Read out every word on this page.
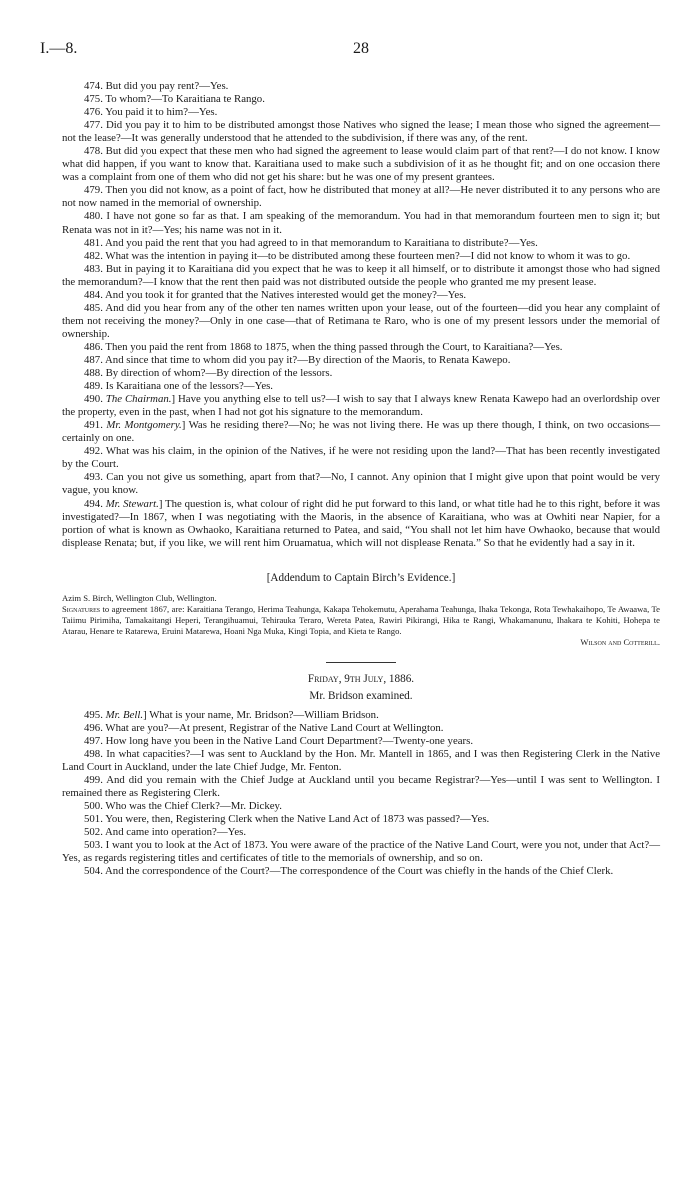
I.—8.	28

474. But did you pay rent?—Yes.

475. To whom?—To Karaitiana te Rango.

476. You paid it to him?—Yes.

477. Did you pay it to him to be distributed amongst those Natives who signed the lease; I mean those who signed the agreement—not the lease?—It was generally understood that he attended to the subdivision, if there was any, of the rent.

478. But did you expect that these men who had signed the agreement to lease would claim part of that rent?—I do not know. I know what did happen, if you want to know that. Karaitiana used to make such a subdivision of it as he thought fit; and on one occasion there was a complaint from one of them who did not get his share: but he was one of my present grantees.

479. Then you did not know, as a point of fact, how he distributed that money at all?—He never distributed it to any persons who are not now named in the memorial of ownership.

480. I have not gone so far as that. I am speaking of the memorandum. You had in that memorandum fourteen men to sign it; but Renata was not in it?—Yes; his name was not in it.

481. And you paid the rent that you had agreed to in that memorandum to Karaitiana to distribute?—Yes.

482. What was the intention in paying it—to be distributed among these fourteen men?—I did not know to whom it was to go.

483. But in paying it to Karaitiana did you expect that he was to keep it all himself, or to distribute it amongst those who had signed the memorandum?—I know that the rent then paid was not distributed outside the people who granted me my present lease.

484. And you took it for granted that the Natives interested would get the money?—Yes.

485. And did you hear from any of the other ten names written upon your lease, out of the fourteen—did you hear any complaint of them not receiving the money?—Only in one case—that of Retimana te Raro, who is one of my present lessors under the memorial of ownership.

486. Then you paid the rent from 1868 to 1875, when the thing passed through the Court, to Karaitiana?—Yes.

487. And since that time to whom did you pay it?—By direction of the Maoris, to Renata Kawepo.

488. By direction of whom?—By direction of the lessors.

489. Is Karaitiana one of the lessors?—Yes.

490. The Chairman.] Have you anything else to tell us?—I wish to say that I always knew Renata Kawepo had an overlordship over the property, even in the past, when I had not got his signature to the memorandum.

491. Mr. Montgomery.] Was he residing there?—No; he was not living there. He was up there though, I think, on two occasions—certainly on one.

492. What was his claim, in the opinion of the Natives, if he were not residing upon the land?—That has been recently investigated by the Court.

493. Can you not give us something, apart from that?—No, I cannot. Any opinion that I might give upon that point would be very vague, you know.

494. Mr. Stewart.] The question is, what colour of right did he put forward to this land, or what title had he to this right, before it was investigated?—In 1867, when I was negotiating with the Maoris, in the absence of Karaitiana, who was at Owhiti near Napier, for a portion of what is known as Owhaoko, Karaitiana returned to Patea, and said, “You shall not let him have Owhaoko, because that would displease Renata; but, if you like, we will rent him Oruamatua, which will not displease Renata.” So that he evidently had a say in it.

[Addendum to Captain Birch’s Evidence.]

Azim S. Birch, Wellington Club, Wellington.

Signatures to agreement 1867, are: Karaitiana Terango, Herima Teahunga, Kakapa Tehokemutu, Aperahama Teahunga, Ihaka Tekonga, Rota Tewhakaihopo, Te Awaawa, Te Taiimu Pirimiha, Tamakaitangi Heperi, Terangihuamui, Tehirauka Teraro, Wereta Patea, Rawiri Pikirangi, Hika te Rangi, Whakamanunu, Ihakara te Kohiti, Hohepa te Atarau, Henare te Ratarewa, Eruini Matarewa, Hoani Nga Muka, Kingi Topia, and Kieta te Rango.

Wilson and Cotterill.

Friday, 9th July, 1886.
Mr. Bridson examined.

495. Mr. Bell.] What is your name, Mr. Bridson?—William Bridson.

496. What are you?—At present, Registrar of the Native Land Court at Wellington.

497. How long have you been in the Native Land Court Department?—Twenty-one years.

498. In what capacities?—I was sent to Auckland by the Hon. Mr. Mantell in 1865, and I was then Registering Clerk in the Native Land Court in Auckland, under the late Chief Judge, Mr. Fenton.

499. And did you remain with the Chief Judge at Auckland until you became Registrar?—Yes—until I was sent to Wellington. I remained there as Registering Clerk.

500. Who was the Chief Clerk?—Mr. Dickey.

501. You were, then, Registering Clerk when the Native Land Act of 1873 was passed?—Yes.

502. And came into operation?—Yes.

503. I want you to look at the Act of 1873. You were aware of the practice of the Native Land Court, were you not, under that Act?—Yes, as regards registering titles and certificates of title to the memorials of ownership, and so on.

504. And the correspondence of the Court?—The correspondence of the Court was chiefly in the hands of the Chief Clerk.
